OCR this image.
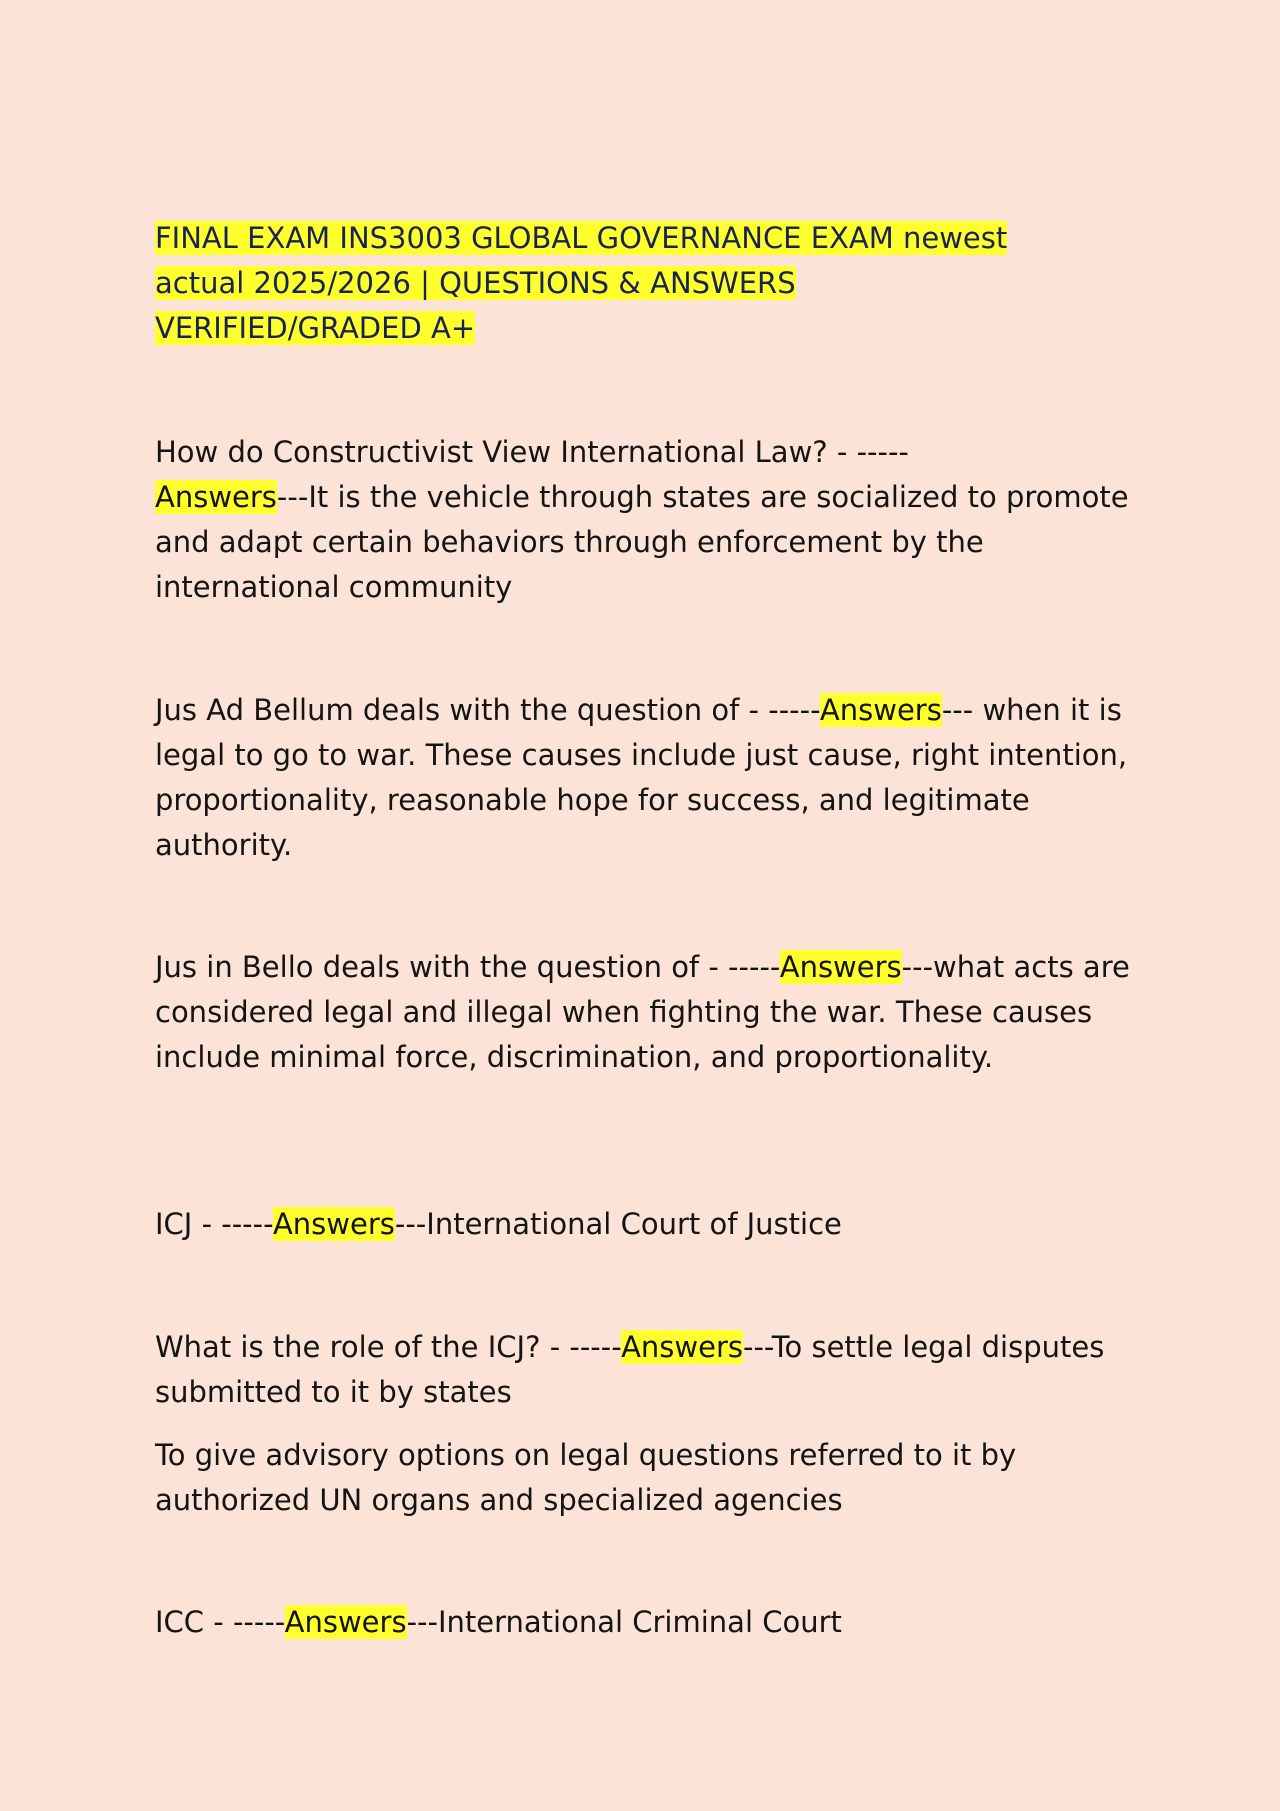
FINAL EXAM INS3003 GLOBAL GOVERNANCE EXAM newest
actual 2025/2026 | QUESTIONS & ANSWERS
VERIFIED/GRADED A+

How do Constructivist View International Law? - -----
Answers---It is the vehicle through states are socialized to promote and adapt certain behaviors through enforcement by the international community

Jus Ad Bellum deals with the question of - -----Answers--- when it is legal to go to war. These causes include just cause, right intention, proportionality, reasonable hope for success, and legitimate authority.

Jus in Bello deals with the question of - -----Answers---what acts are considered legal and illegal when fighting the war. These causes include minimal force, discrimination, and proportionality.

ICJ - -----Answers---International Court of Justice

What is the role of the ICJ? - -----Answers---To settle legal disputes submitted to it by states

To give advisory options on legal questions referred to it by authorized UN organs and specialized agencies

ICC - -----Answers---International Criminal Court
